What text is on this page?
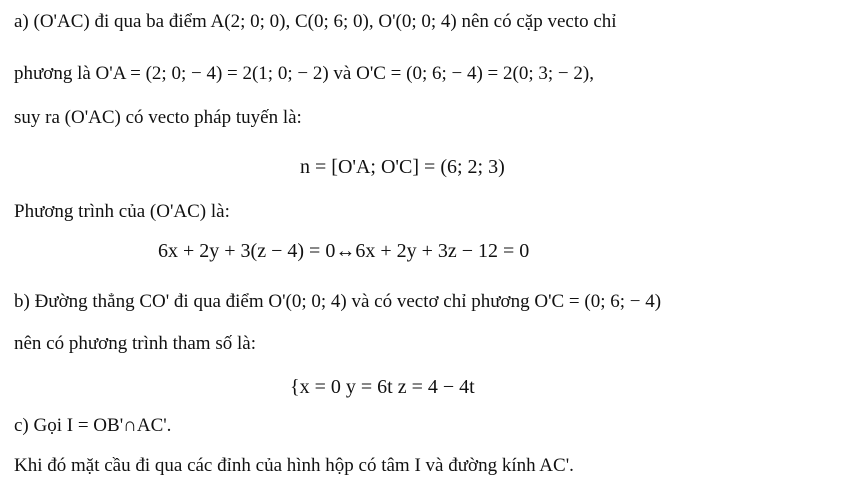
a) (O'AC) đi qua ba điểm A(2; 0; 0), C(0; 6; 0), O'(0; 0; 4) nên có cặp vecto chỉ
phương là O'A = (2; 0; − 4) = 2(1; 0; − 2) và O'C = (0; 6; − 4) = 2(0; 3; − 2),
suy ra (O'AC) có vecto pháp tuyến là:
n = [O'A; O'C] = (6; 2; 3)
Phương trình của (O'AC) là:
6x + 2y + 3(z − 4) = 0↔6x + 2y + 3z − 12 = 0
b) Đường thẳng CO' đi qua điểm O'(0; 0; 4) và có vectơ chỉ phương O'C = (0; 6; − 4)
nên có phương trình tham số là:
{x = 0 y = 6t z = 4 − 4t
c) Gọi I = OB'∩AC'.
Khi đó mặt cầu đi qua các đỉnh của hình hộp có tâm I và đường kính AC'.
